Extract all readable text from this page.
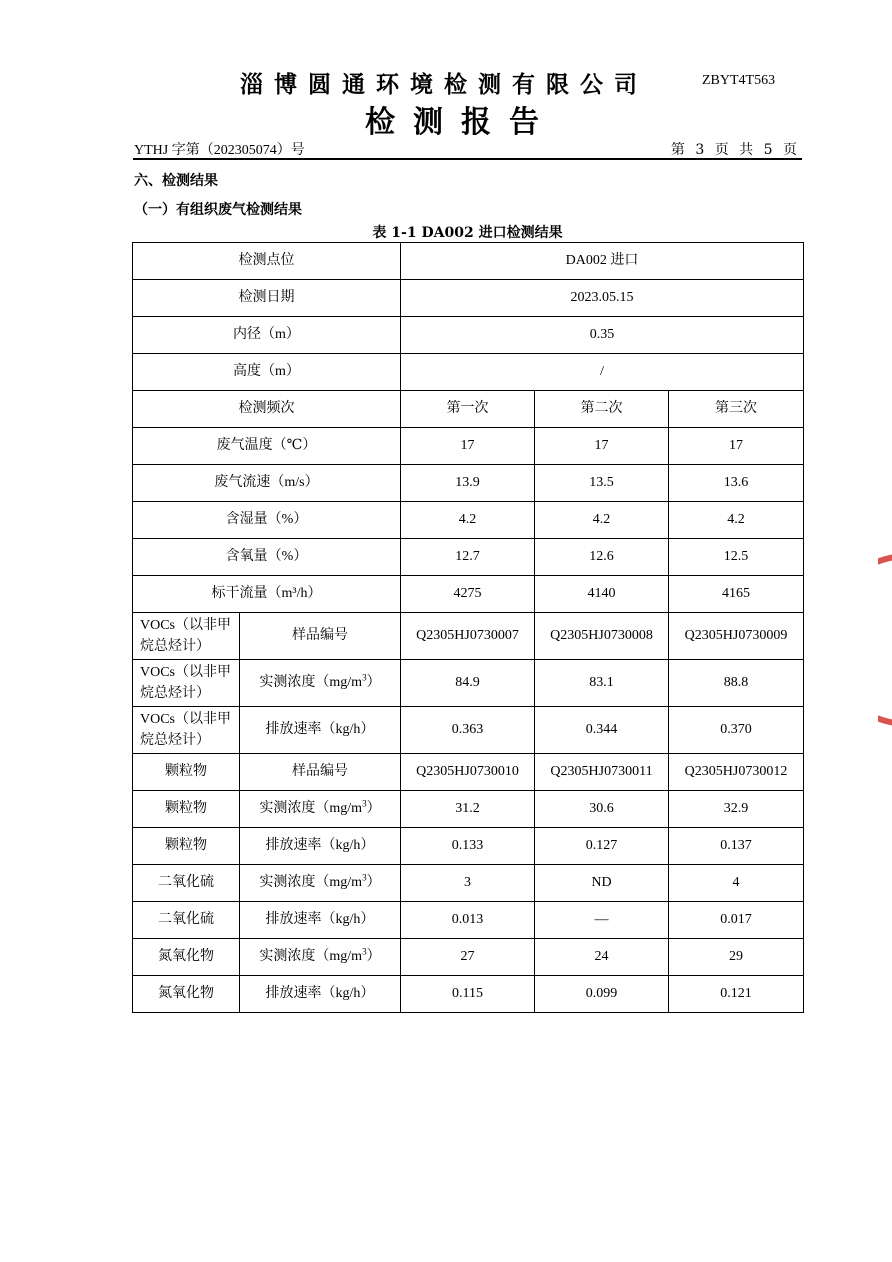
淄博圆通环境检测有限公司	ZBYT4T563
检测报告
YTHJ 字第（202305074）号	第 3 页 共 5 页
六、检测结果
（一）有组织废气检测结果
表 1-1 DA002 进口检测结果
检测点位		DA002 进口		
检测日期		2023.05.15		
内径（m）		0.35		
高度（m）		/		
检测频次		第一次	第二次	第三次
废气温度（℃）		17	17	17
废气流速（m/s）		13.9	13.5	13.6
含湿量（%）		4.2	4.2	4.2
含氧量（%）		12.7	12.6	12.5
标干流量（m³/h）		4275	4140	4165
VOCs（以非甲烷总烃计）	样品编号	Q2305HJ0730007	Q2305HJ0730008	Q2305HJ0730009
VOCs（以非甲烷总烃计）	实测浓度$(mg/m^3)$	84.9	83.1	88.8
VOCs（以非甲烷总烃计）	排放速率（kg/h）	0.363	0.344	0.370
颗粒物	样品编号	Q2305HJ0730010	Q2305HJ0730011	Q2305HJ0730012
颗粒物	实测浓度$(mg/m^3)$	31.2	30.6	32.9
颗粒物	排放速率（kg/h）	0.133	0.127	0.137
二氧化硫	实测浓度$(mg/m^3)$	3	ND	4
二氧化硫	排放速率（kg/h）	0.013	—	0.017
氮氧化物	实测浓度$(mg/m^3)$	27	24	29
氮氧化物	排放速率（kg/h）	0.115	0.099	0.121
